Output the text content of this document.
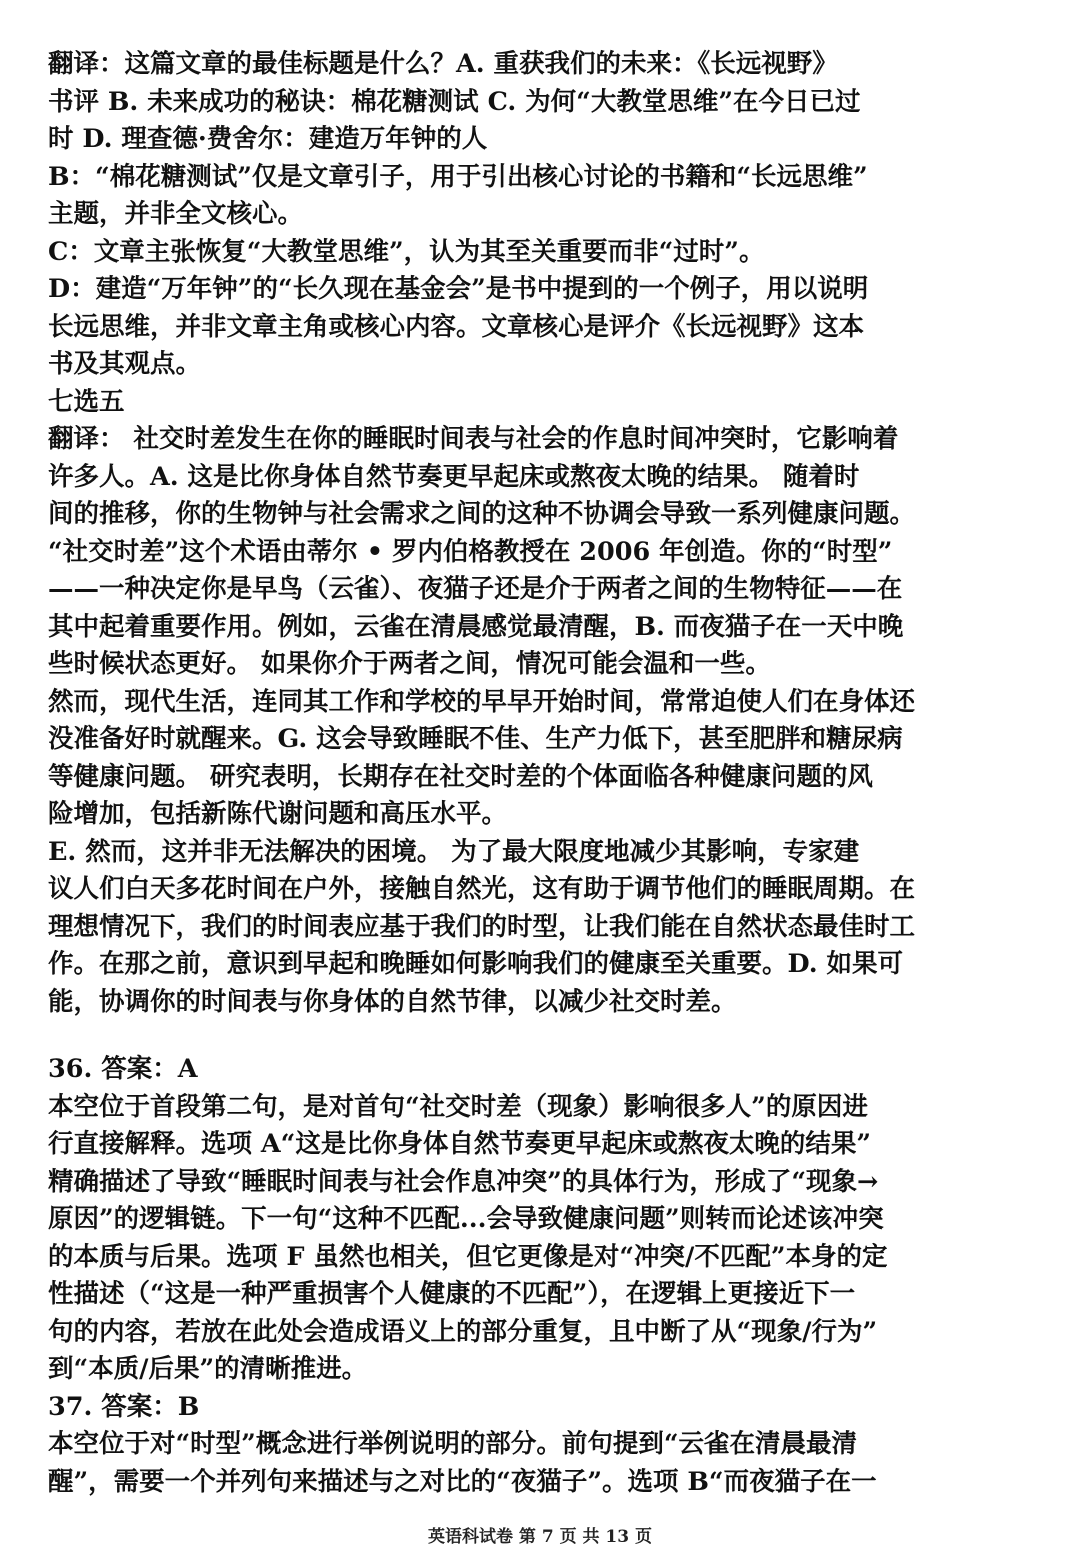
翻译：这篇文章的最佳标题是什么？A. 重获我们的未来：《长远视野》
书评 B. 未来成功的秘诀：棉花糖测试 C. 为何“大教堂思维”在今日已过
时 D. 理查德·费舍尔：建造万年钟的人
B：“棉花糖测试”仅是文章引子，用于引出核心讨论的书籍和“长远思维”
主题，并非全文核心。
C：文章主张恢复“大教堂思维”，认为其至关重要而非“过时”。
D：建造“万年钟”的“长久现在基金会”是书中提到的一个例子，用以说明
长远思维，并非文章主角或核心内容。文章核心是评介《长远视野》这本
书及其观点。
七选五
翻译： 社交时差发生在你的睡眠时间表与社会的作息时间冲突时，它影响着
许多人。A. 这是比你身体自然节奏更早起床或熬夜太晚的结果。 随着时
间的推移，你的生物钟与社会需求之间的这种不协调会导致一系列健康问题。
“社交时差”这个术语由蒂尔 • 罗内伯格教授在 2006 年创造。你的“时型”
——一种决定你是早鸟（云雀）、夜猫子还是介于两者之间的生物特征——在
其中起着重要作用。例如，云雀在清晨感觉最清醒，B. 而夜猫子在一天中晚
些时候状态更好。 如果你介于两者之间，情况可能会温和一些。
然而，现代生活，连同其工作和学校的早早开始时间，常常迫使人们在身体还
没准备好时就醒来。G. 这会导致睡眠不佳、生产力低下，甚至肥胖和糖尿病
等健康问题。 研究表明，长期存在社交时差的个体面临各种健康问题的风
险增加，包括新陈代谢问题和高压水平。
E. 然而，这并非无法解决的困境。 为了最大限度地减少其影响，专家建
议人们白天多花时间在户外，接触自然光，这有助于调节他们的睡眠周期。在
理想情况下，我们的时间表应基于我们的时型，让我们能在自然状态最佳时工
作。在那之前，意识到早起和晚睡如何影响我们的健康至关重要。D. 如果可
能，协调你的时间表与你身体的自然节律，以减少社交时差。
36. 答案：A
本空位于首段第二句，是对首句“社交时差（现象）影响很多人”的原因进
行直接解释。选项 A“这是比你身体自然节奏更早起床或熬夜太晚的结果”
精确描述了导致“睡眠时间表与社会作息冲突”的具体行为，形成了“现象→
原因”的逻辑链。下一句“这种不匹配...会导致健康问题”则转而论述该冲突
的本质与后果。选项 F 虽然也相关，但它更像是对“冲突/不匹配”本身的定
性描述（“这是一种严重损害个人健康的不匹配”），在逻辑上更接近下一
句的内容，若放在此处会造成语义上的部分重复，且中断了从“现象/行为”
到“本质/后果”的清晰推进。
37. 答案：B
本空位于对“时型”概念进行举例说明的部分。前句提到“云雀在清晨最清
醒”，需要一个并列句来描述与之对比的“夜猫子”。选项 B“而夜猫子在一
英语科试卷 第 7 页 共 13 页
